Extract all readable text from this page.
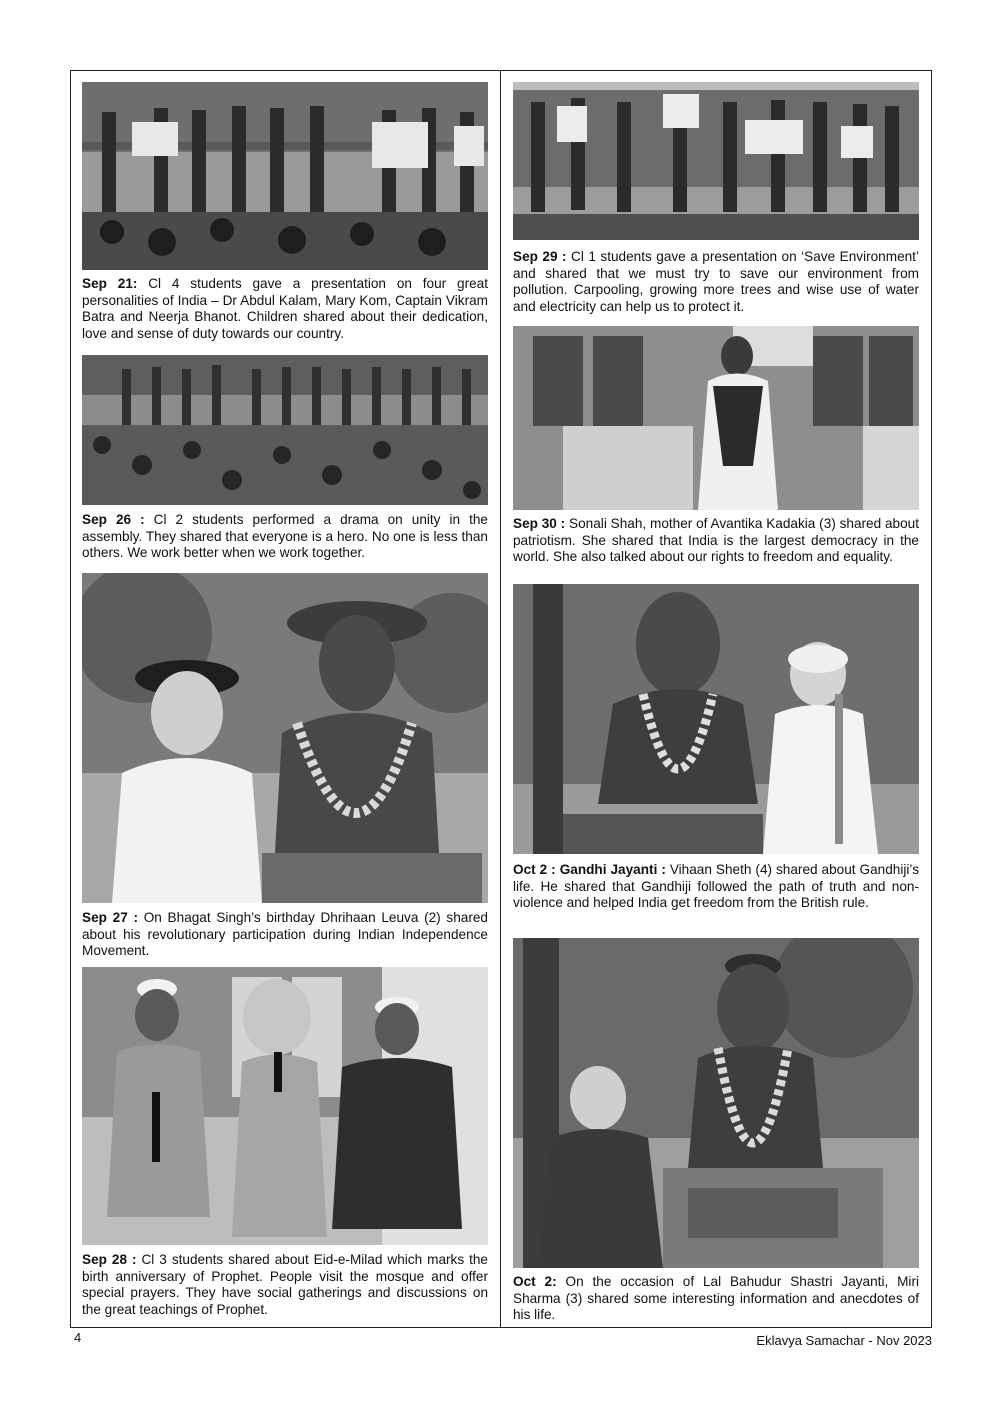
Sep 21: Cl 4 students gave a presentation on four great personalities of India – Dr Abdul Kalam, Mary Kom, Captain Vikram Batra and Neerja Bhanot. Children shared about their dedication, love and sense of duty towards our country.

Sep 26 : Cl 2 students performed a drama on unity in the assembly. They shared that everyone is a hero. No one is less than others. We work better when we work together.

Sep 27 : On Bhagat Singh’s birthday Dhrihaan Leuva (2) shared about his revolutionary participation during Indian Independence Movement.

Sep 28 : Cl 3 students shared about Eid-e-Milad which marks the birth anniversary of Prophet. People visit the mosque and offer special prayers. They have social gatherings and discussions on the great teachings of Prophet.

Sep 29 : Cl 1 students gave a presentation on ‘Save Environment’ and shared that we must try to save our environment from pollution. Carpooling, growing more trees and wise use of water and electricity can help us to protect it.

Sep 30 : Sonali Shah, mother of Avantika Kadakia (3) shared about patriotism. She shared that India is the largest democracy in the world. She also talked about our rights to freedom and equality.

Oct 2 : Gandhi Jayanti : Vihaan Sheth (4) shared about Gandhiji’s life. He shared that Gandhiji followed the path of truth and non-violence and helped India get freedom from the British rule.

Oct 2: On the occasion of Lal Bahudur Shastri Jayanti, Miri Sharma (3) shared some interesting information and anecdotes of his life.

4	Eklavya Samachar - Nov 2023
